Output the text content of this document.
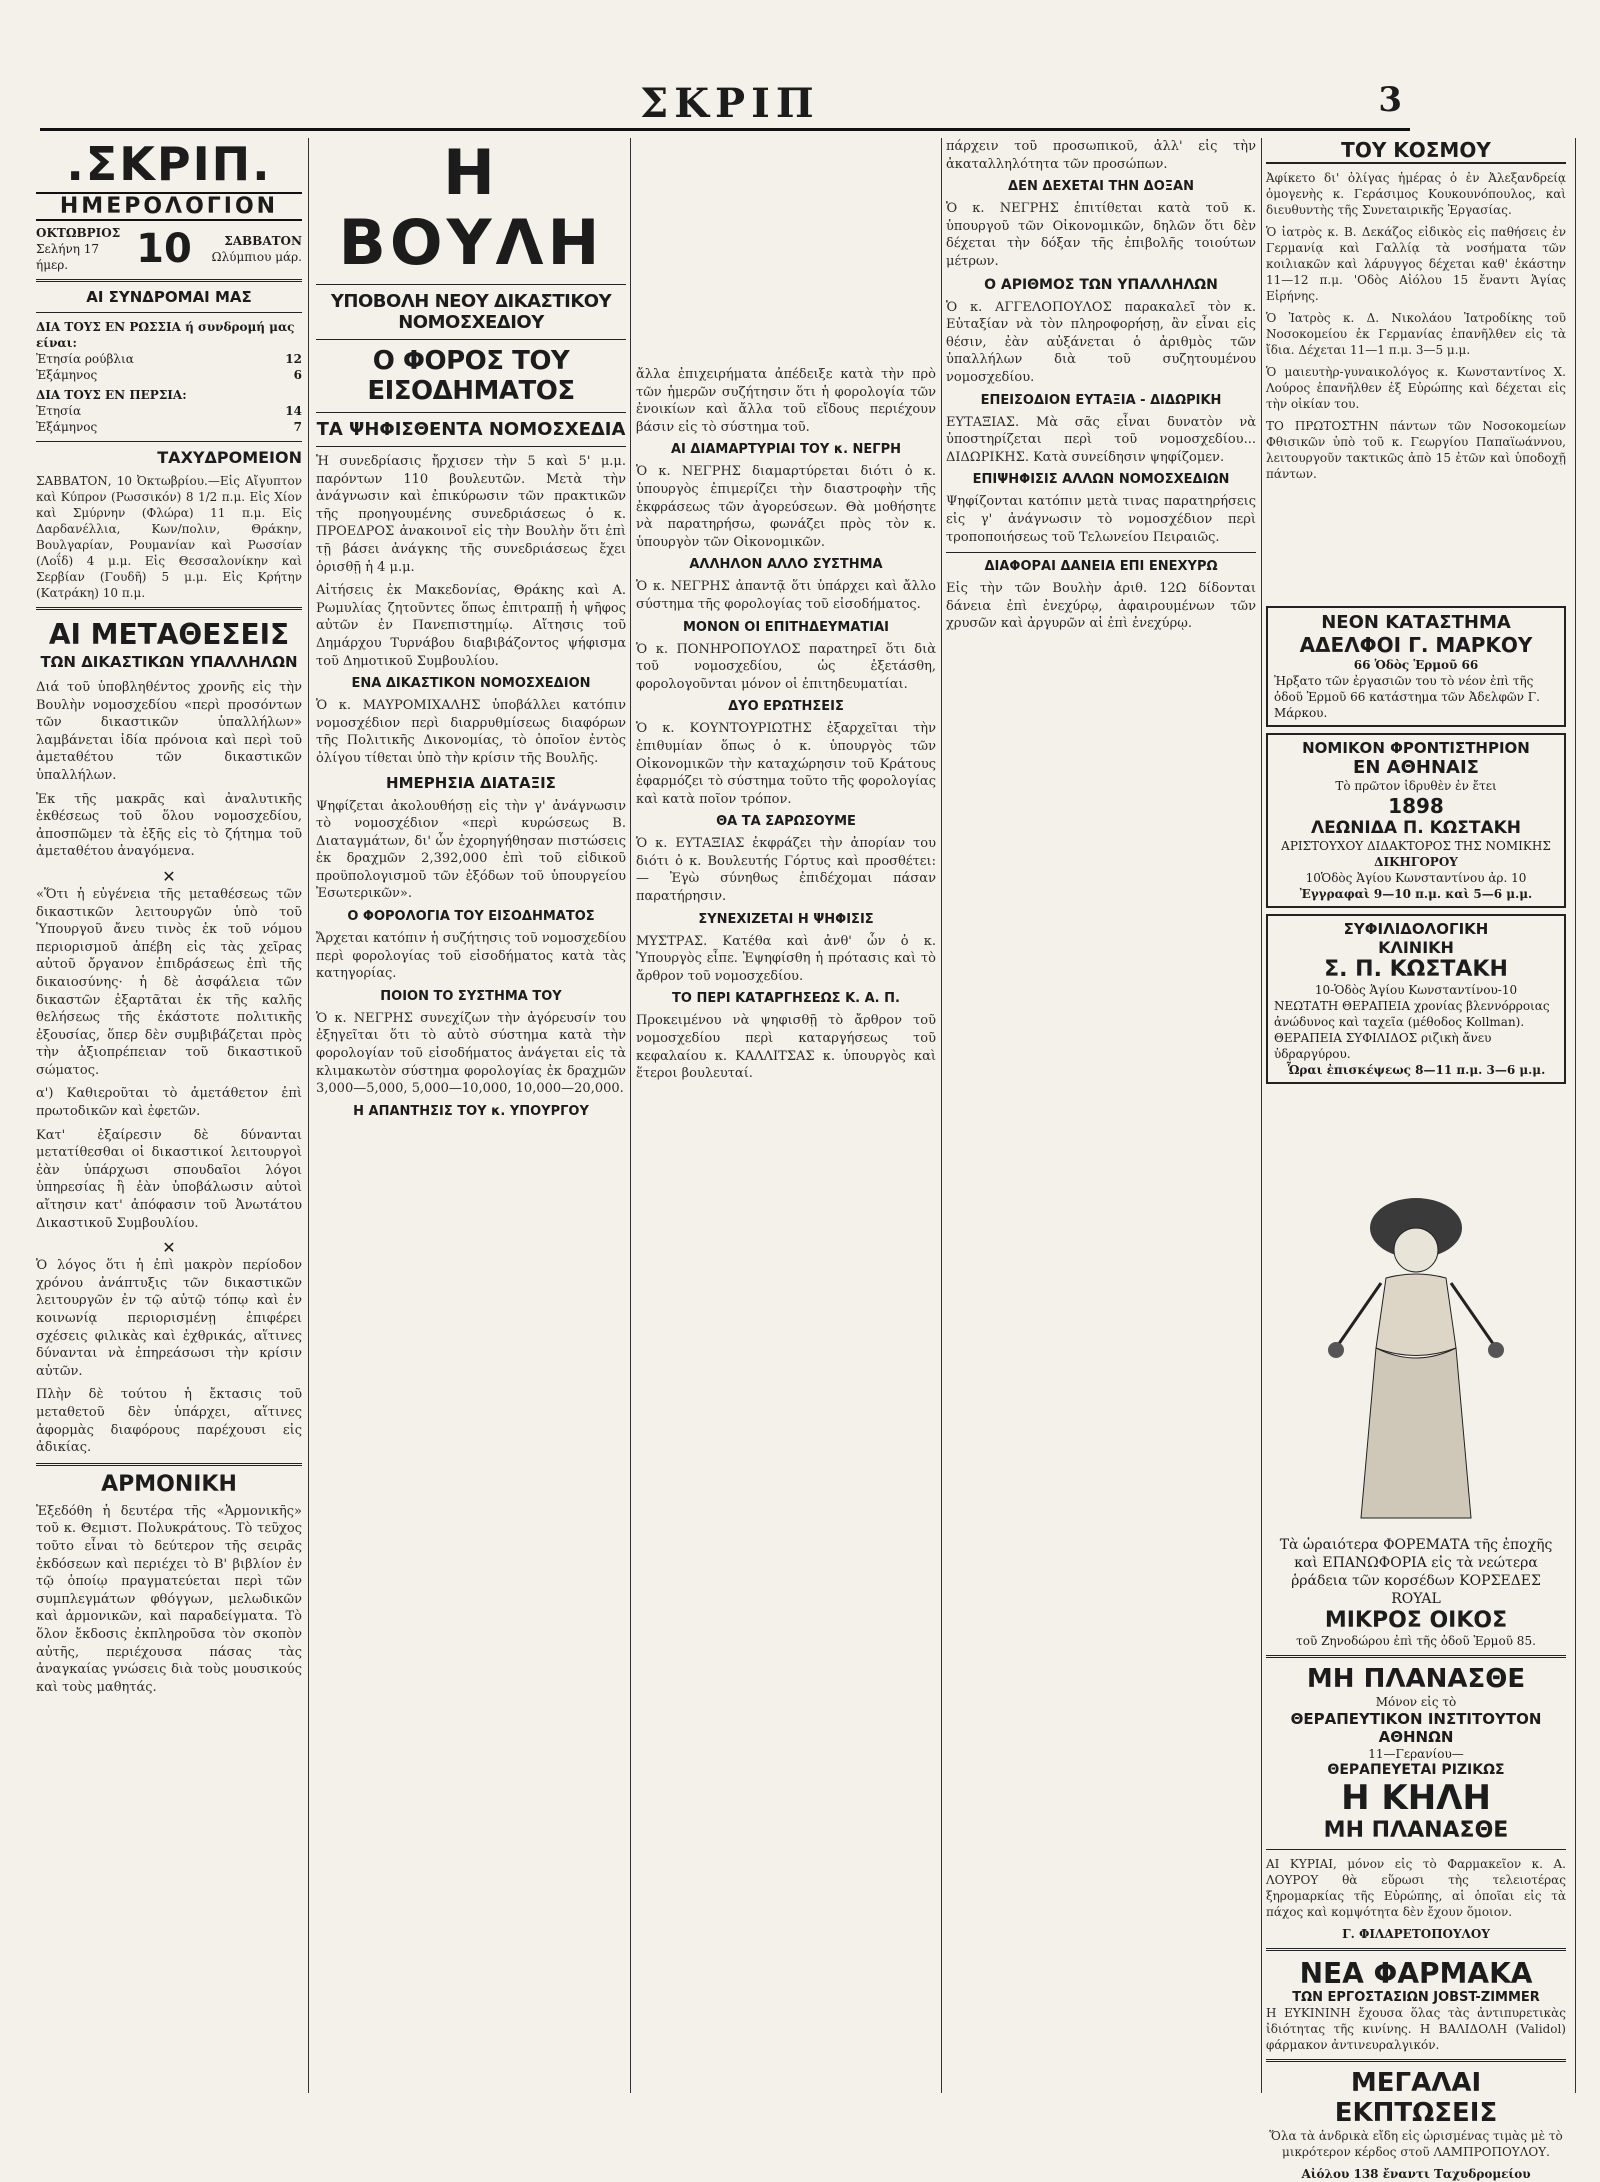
ΣΚΡΙΠ	3
.ΣΚΡΙΠ.
ΗΜΕΡΟΛΟΓΙΟΝ
ΟΚΤΩΒΡΙΟΣ
Σελήνη 17 ήμερ.	10	ΣΑΒΒΑΤΟΝ
Ωλύμπιου μάρ.
ΑΙ ΣΥΝΔΡΟΜΑΙ ΜΑΣ
ΔΙΑ ΤΟΥΣ ΕΝ ΡΩΣΣΙΑ ή συνδρομή μας είναι:
Ἐτησία ρούβλια	12
Ἐξάμηνος	6
ΔΙΑ ΤΟΥΣ ΕΝ ΠΕΡΣΙΑ:
Ἐτησία	14
Ἐξάμηνος	7
ΤΑΧΥΔΡΟΜΕΙΟΝ

ΣΑΒΒΑΤΟΝ, 10 Ὀκτωβρίου.—Εἰς Αἴγυπτον καὶ Κύπρον (Ρωσσικόν) 8 1/2 π.μ. Εἰς Χίον καὶ Σμύρνην (Φλώρα) 11 π.μ. Εἰς Δαρδανέλλια, Κων/πολιν, Θράκην, Βουλγαρίαν, Ρουμανίαν καὶ Ρωσσίαν (Λοΐδ) 4 μ.μ. Εἰς Θεσσαλονίκην καὶ Σερβίαν (Γουδῆ) 5 μ.μ. Εἰς Κρήτην (Κατράκη) 10 π.μ.

ΑΙ ΜΕΤΑΘΕΣΕΙΣ
ΤΩΝ ΔΙΚΑΣΤΙΚΩΝ ΥΠΑΛΛΗΛΩΝ

Διά τοῦ ὑποβληθέντος χρονῆς εἰς τὴν Βουλὴν νομοσχεδίου «περὶ προσόντων τῶν δικαστικῶν ὑπαλλήλων» λαμβάνεται ἰδία πρόνοια καὶ περὶ τοῦ ἀμεταθέτου τῶν δικαστικῶν ὑπαλλήλων.

Ἐκ τῆς μακρᾶς καὶ ἀναλυτικῆς ἐκθέσεως τοῦ ὅλου νομοσχεδίου, ἀποσπῶμεν τὰ ἐξῆς εἰς τὸ ζήτημα τοῦ ἀμεταθέτου ἀναγόμενα.

✕

«Ὅτι ἡ εὐγένεια τῆς μεταθέσεως τῶν δικαστικῶν λειτουργῶν ὑπὸ τοῦ Ὑπουργοῦ ἄνευ τινὸς ἐκ τοῦ νόμου περιορισμοῦ ἀπέβη εἰς τὰς χεῖρας αὐτοῦ ὄργανον ἐπιδράσεως ἐπὶ τῆς δικαιοσύνης· ἡ δὲ ἀσφάλεια τῶν δικαστῶν ἐξαρτᾶται ἐκ τῆς καλῆς θελήσεως τῆς ἑκάστοτε πολιτικῆς ἐξουσίας, ὅπερ δὲν συμβιβάζεται πρὸς τὴν ἀξιοπρέπειαν τοῦ δικαστικοῦ σώματος.

α') Καθιεροῦται τὸ ἀμετάθετον ἐπὶ πρωτοδικῶν καὶ ἐφετῶν.

Κατ' ἐξαίρεσιν δὲ δύνανται μετατίθεσθαι οἱ δικαστικοί λειτουργοὶ ἐὰν ὑπάρχωσι σπουδαῖοι λόγοι ὑπηρεσίας ἢ ἐὰν ὑποβάλωσιν αὐτοὶ αἴτησιν κατ' ἀπόφασιν τοῦ Ἀνωτάτου Δικαστικοῦ Συμβουλίου.

✕

Ὁ λόγος ὅτι ἡ ἐπὶ μακρὸν περίοδον χρόνου ἀνάπτυξις τῶν δικαστικῶν λειτουργῶν ἐν τῷ αὐτῷ τόπῳ καὶ ἐν κοινωνίᾳ περιορισμένῃ ἐπιφέρει σχέσεις φιλικὰς καὶ ἐχθρικάς, αἵτινες δύνανται νὰ ἐπηρεάσωσι τὴν κρίσιν αὐτῶν.

Πλὴν δὲ τούτου ἡ ἔκτασις τοῦ μεταθετοῦ δὲν ὑπάρχει, αἵτινες ἀφορμὰς διαφόρους παρέχουσι εἰς ἀδικίας.

ΑΡΜΟΝΙΚΗ

Ἐξεδόθη ἡ δευτέρα τῆς «Ἁρμονικῆς» τοῦ κ. Θεμιστ. Πολυκράτους. Τὸ τεῦχος τοῦτο εἶναι τὸ δεύτερον τῆς σειρᾶς ἐκδόσεων καὶ περιέχει τὸ Β' βιβλίον ἐν τῷ ὁποίῳ πραγματεύεται περὶ τῶν συμπλεγμάτων φθόγγων, μελωδικῶν καὶ ἁρμονικῶν, καὶ παραδείγματα. Τὸ ὅλον ἔκδοσις ἐκπληροῦσα τὸν σκοπὸν αὐτῆς, περιέχουσα πάσας τὰς ἀναγκαίας γνώσεις διὰ τοὺς μουσικούς καὶ τοὺς μαθητάς.

Η ΒΟΥΛΗ
ΥΠΟΒΟΛΗ ΝΕΟΥ ΔΙΚΑΣΤΙΚΟΥ ΝΟΜΟΣΧΕΔΙΟΥ
Ο ΦΟΡΟΣ ΤΟΥ ΕΙΣΟΔΗΜΑΤΟΣ
ΤΑ ΨΗΦΙΣΘΕΝΤΑ ΝΟΜΟΣΧΕΔΙΑ

Ἡ συνεδρίασις ἤρχισεν τὴν 5 καὶ 5' μ.μ. παρόντων 110 βουλευτῶν. Μετὰ τὴν ἀνάγνωσιν καὶ ἐπικύρωσιν τῶν πρακτικῶν τῆς προηγουμένης συνεδριάσεως ὁ κ. ΠΡΟΕΔΡΟΣ ἀνακοινοῖ εἰς τὴν Βουλὴν ὅτι ἐπὶ τῇ βάσει ἀνάγκης τῆς συνεδριάσεως ἔχει ὁρισθῇ ἡ 4 μ.μ.

Αἰτήσεις ἐκ Μακεδονίας, Θράκης καὶ Α. Ρωμυλίας ζητοῦντες ὅπως ἐπιτραπῇ ἡ ψῆφος αὐτῶν ἐν Πανεπιστημίῳ. Αἴτησις τοῦ Δημάρχου Τυρνάβου διαβιβάζοντος ψήφισμα τοῦ Δημοτικοῦ Συμβουλίου.

ΕΝΑ ΔΙΚΑΣΤΙΚΟΝ ΝΟΜΟΣΧΕΔΙΟΝ

Ὁ κ. ΜΑΥΡΟΜΙΧΑΛΗΣ ὑποβάλλει κατόπιν νομοσχέδιον περὶ διαρρυθμίσεως διαφόρων τῆς Πολιτικῆς Δικονομίας, τὸ ὁποῖον ἐντὸς ὀλίγου τίθεται ὑπὸ τὴν κρίσιν τῆς Βουλῆς.

ΗΜΕΡΗΣΙΑ ΔΙΑΤΑΞΙΣ

Ψηφίζεται ἀκολουθήσῃ εἰς τὴν γ' ἀνάγνωσιν τὸ νομοσχέδιον «περὶ κυρώσεως Β. Διαταγμάτων, δι' ὧν ἐχορηγήθησαν πιστώσεις ἐκ δραχμῶν 2,392,000 ἐπὶ τοῦ εἰδικοῦ προϋπολογισμοῦ τῶν ἐξόδων τοῦ ὑπουργείου Ἐσωτερικῶν».

Ο ΦΟΡΟΛΟΓΙΑ ΤΟΥ ΕΙΣΟΔΗΜΑΤΟΣ

Ἄρχεται κατόπιν ἡ συζήτησις τοῦ νομοσχεδίου περὶ φορολογίας τοῦ εἰσοδήματος κατὰ τὰς κατηγορίας.

ΠΟΙΟΝ ΤΟ ΣΥΣΤΗΜΑ ΤΟΥ

Ὁ κ. ΝΕΓΡΗΣ συνεχίζων τὴν ἀγόρευσίν του ἐξηγεῖται ὅτι τὸ αὐτὸ σύστημα κατὰ τὴν φορολογίαν τοῦ εἰσοδήματος ἀνάγεται εἰς τὰ κλιμακωτὸν σύστημα φορολογίας ἐκ δραχμῶν 3,000—5,000, 5,000—10,000, 10,000—20,000.

Η ΑΠΑΝΤΗΣΙΣ ΤΟΥ κ. ΥΠΟΥΡΓΟΥ

ἄλλα ἐπιχειρήματα ἀπέδειξε κατὰ τὴν πρὸ τῶν ἡμερῶν συζήτησιν ὅτι ἡ φορολογία τῶν ἐνοικίων καὶ ἄλλα τοῦ εἴδους περιέχουν βάσιν εἰς τὸ σύστημα τοῦ.

ΑΙ ΔΙΑΜΑΡΤΥΡΙΑΙ ΤΟΥ κ. ΝΕΓΡΗ

Ὁ κ. ΝΕΓΡΗΣ διαμαρτύρεται διότι ὁ κ. ὑπουργὸς ἐπιμερίζει τὴν διαστροφὴν τῆς ἐκφράσεως τῶν ἀγορεύσεων. Θὰ μοθήσητε νὰ παρατηρήσω, φωνάζει πρὸς τὸν κ. ὑπουργὸν τῶν Οἰκονομικῶν.

ΑΛΛΗΛΟΝ ΑΛΛΟ ΣΥΣΤΗΜΑ

Ὁ κ. ΝΕΓΡΗΣ ἀπαντᾷ ὅτι ὑπάρχει καὶ ἄλλο σύστημα τῆς φορολογίας τοῦ εἰσοδήματος.

ΜΟΝΟΝ ΟΙ ΕΠΙΤΗΔΕΥΜΑΤΙΑΙ

Ὁ κ. ΠΟΝΗΡΟΠΟΥΛΟΣ παρατηρεῖ ὅτι διὰ τοῦ νομοσχεδίου, ὡς ἐξετάσθη, φορολογοῦνται μόνον οἱ ἐπιτηδευματίαι.

ΔΥΟ ΕΡΩΤΗΣΕΙΣ

Ὁ κ. ΚΟΥΝΤΟΥΡΙΩΤΗΣ ἐξαρχεῖται τὴν ἐπιθυμίαν ὅπως ὁ κ. ὑπουργὸς τῶν Οἰκονομικῶν τὴν καταχώρησιν τοῦ Κράτους ἐφαρμόζει τὸ σύστημα τοῦτο τῆς φορολογίας καὶ κατὰ ποῖον τρόπον.

ΘΑ ΤΑ ΣΑΡΩΣΟΥΜΕ

Ὁ κ. ΕΥΤΑΞΙΑΣ ἐκφράζει τὴν ἀπορίαν του διότι ὁ κ. Βουλευτής Γόρτυς καὶ προσθέτει: — Ἐγὼ σύνηθως ἐπιδέχομαι πάσαν παρατήρησιν.

ΣΥΝΕΧΙΖΕΤΑΙ Η ΨΗΦΙΣΙΣ

ΜΥΣΤΡΑΣ. Κατέθα καὶ ἀνθ' ὧν ὁ κ. Ὑπουργὸς εἶπε. Ἐψηφίσθη ἡ πρότασις καὶ τὸ ἄρθρον τοῦ νομοσχεδίου.

ΤΟ ΠΕΡΙ ΚΑΤΑΡΓΗΣΕΩΣ Κ. Α. Π.

Προκειμένου νὰ ψηφισθῇ τὸ ἄρθρον τοῦ νομοσχεδίου περὶ καταργήσεως τοῦ κεφαλαίου κ. ΚΑΛΛΙΤΣΑΣ κ. ὑπουργὸς καὶ ἕτεροι βουλευταί.

πάρχειν τοῦ προσωπικοῦ, ἀλλ' εἰς τὴν ἀκαταλληλότητα τῶν προσώπων.

ΔΕΝ ΔΕΧΕΤΑΙ ΤΗΝ ΔΟΞΑΝ

Ὁ κ. ΝΕΓΡΗΣ ἐπιτίθεται κατὰ τοῦ κ. ὑπουργοῦ τῶν Οἰκονομικῶν, δηλῶν ὅτι δὲν δέχεται τὴν δόξαν τῆς ἐπιβολῆς τοιούτων μέτρων.

Ο ΑΡΙΘΜΟΣ ΤΩΝ ΥΠΑΛΛΗΛΩΝ

Ὁ κ. ΑΓΓΕΛΟΠΟΥΛΟΣ παρακαλεῖ τὸν κ. Εὐταξίαν νὰ τὸν πληροφορήσῃ, ἂν εἶναι εἰς θέσιν, ἐὰν αὐξάνεται ὁ ἀριθμὸς τῶν ὑπαλλήλων διὰ τοῦ συζητουμένου νομοσχεδίου.

ΕΠΕΙΣΟΔΙΟΝ ΕΥΤΑΞΙΑ - ΔΙΔΩΡΙΚΗ

ΕΥΤΑΞΙΑΣ. Μὰ σᾶς εἶναι δυνατὸν νὰ ὑποστηρίζεται περὶ τοῦ νομοσχεδίου... ΔΙΔΩΡΙΚΗΣ. Κατὰ συνείδησιν ψηφίζομεν.

ΕΠΙΨΗΦΙΣΙΣ ΑΛΛΩΝ ΝΟΜΟΣΧΕΔΙΩΝ

Ψηφίζονται κατόπιν μετὰ τινας παρατηρήσεις εἰς γ' ἀνάγνωσιν τὸ νομοσχέδιον περὶ τροποποιήσεως τοῦ Τελωνείου Πειραιῶς.

ΔΙΑΦΟΡΑΙ ΔΑΝΕΙΑ ΕΠΙ ΕΝΕΧΥΡΩ

Εἰς τὴν τῶν Βουλὴν ἀριθ. 12Ω δίδονται δάνεια ἐπὶ ἐνεχύρῳ, ἀφαιρουμένων τῶν χρυσῶν καὶ ἀργυρῶν αἱ ἐπὶ ἐνεχύρῳ.

ΤΟΥ ΚΟΣΜΟΥ

Ἀφίκετο δι' ὀλίγας ἡμέρας ὁ ἐν Ἀλεξανδρείᾳ ὁμογενὴς κ. Γεράσιμος Κουκουνόπουλος, καὶ διευθυντὴς τῆς Συνεταιρικῆς Ἐργασίας.

Ὁ ἰατρὸς κ. Β. Δεκάζος εἰδικὸς εἰς παθήσεις ἐν Γερμανίᾳ καὶ Γαλλίᾳ τὰ νοσήματα τῶν κοιλιακῶν καὶ λάρυγγος δέχεται καθ' ἑκάστην 11—12 π.μ. 'Οδὸς Αἰόλου 15 ἔναντι Ἁγίας Εἰρήνης.

Ὁ Ἰατρὸς κ. Δ. Νικολάου Ἰατροδίκης τοῦ Νοσοκομείου ἐκ Γερμανίας ἐπανῆλθεν εἰς τὰ ἴδια. Δέχεται 11—1 π.μ. 3—5 μ.μ.

Ὁ μαιευτὴρ-γυναικολόγος κ. Κωνσταντίνος Χ. Λούρος ἐπανῆλθεν ἐξ Εὐρώπης καὶ δέχεται εἰς τὴν οἰκίαν του.

ΤΟ ΠΡΩΤΟΣΤΗΝ πάντων τῶν Νοσοκομείων Φθισικῶν ὑπὸ τοῦ κ. Γεωργίου Παπαϊωάννου, λειτουργοῦν τακτικῶς ἀπὸ 15 ἐτῶν καὶ ὑποδοχῇ πάντων.

ΝΕΟΝ ΚΑΤΑΣΤΗΜΑ
ΑΔΕΛΦΟΙ Γ. ΜΑΡΚΟΥ
66 Ὁδὸς Ἑρμοῦ 66
Ἠρξατο τῶν ἐργασιῶν του τὸ νέον ἐπὶ τῆς ὁδοῦ Ἑρμοῦ 66 κατάστημα τῶν Ἀδελφῶν Γ. Μάρκου.
ΝΟΜΙΚΟΝ ΦΡΟΝΤΙΣΤΗΡΙΟΝ
ΕΝ ΑΘΗΝΑΙΣ
Τὸ πρῶτον ἱδρυθὲν ἐν ἔτει
1898
ΛΕΩΝΙΔΑ Π. ΚΩΣΤΑΚΗ
ΑΡΙΣΤΟΥΧΟΥ ΔΙΔΑΚΤΟΡΟΣ ΤΗΣ ΝΟΜΙΚΗΣ
ΔΙΚΗΓΟΡΟΥ
10Ὁδὸς Ἁγίου Κωνσταντίνου ἀρ. 10
Ἐγγραφαὶ 9—10 π.μ. καὶ 5—6 μ.μ.
ΣΥΦΙΛΙΔΟΛΟΓΙΚΗ
ΚΛΙΝΙΚΗ
Σ. Π. ΚΩΣΤΑΚΗ
10-Ὁδὸς Ἁγίου Κωνσταντίνου-10
ΝΕΩΤΑΤΗ ΘΕΡΑΠΕΙΑ χρονίας βλεννόρροιας ἀνώδυνος καὶ ταχεῖα (μέθοδος Kollman). ΘΕΡΑΠΕΙΑ ΣΥΦΙΛΙΔΟΣ ριζικὴ ἄνευ ὑδραργύρου.
Ὧραι ἐπισκέψεως 8—11 π.μ. 3—6 μ.μ.
Τὰ ὡραιότερα ΦΟΡΕΜΑΤΑ τῆς ἐποχῆς καὶ ΕΠΑΝΩΦΟΡΙΑ εἰς τὰ νεώτερα ῥράδεια τῶν κορσέδων ΚΟΡΣΕΔΕΣ ROYAL
ΜΙΚΡΟΣ ΟΙΚΟΣ
τοῦ Ζηνοδώρου ἐπὶ τῆς ὁδοῦ Ἑρμοῦ 85.
ΜΗ ΠΛΑΝΑΣΘΕ
Μόνον εἰς τὸ
ΘΕΡΑΠΕΥΤΙΚΟΝ ΙΝΣΤΙΤΟΥΤΟΝ ΑΘΗΝΩΝ
11—Γερανίου—
ΘΕΡΑΠΕΥΕΤΑΙ ΡΙΖΙΚΩΣ
Η ΚΗΛΗ
ΜΗ ΠΛΑΝΑΣΘΕ

ΑΙ ΚΥΡΙΑΙ, μόνον εἰς τὸ Φαρμακεῖον κ. Α. ΛΟΥΡΟΥ θὰ εὕρωσι τὴς τελειοτέρας ξηρομαρκίας τῆς Εὐρώπης, αἱ ὁποῖαι εἰς τὰ πάχος καὶ κομψότητα δὲν ἔχουν ὅμοιον.

Γ. ΦΙΛΑΡΕΤΟΠΟΥΛΟΥ
ΝΕΑ ΦΑΡΜΑΚΑ
ΤΩΝ ΕΡΓΟΣΤΑΣΙΩΝ JOBST-ZIMMER

Η ΕΥΚΙΝΙΝΗ ἔχουσα ὅλας τὰς ἀντιπυρετικὰς ἰδιότητας τῆς κινίνης. Η ΒΑΛΙΔΟΛΗ (Validol) φάρμακον ἀντινευραλγικόν.

ΜΕΓΑΛΑΙ ΕΚΠΤΩΣΕΙΣ

Ὅλα τὰ ἀνδρικὰ εἴδη εἰς ὡρισμένας τιμὰς μὲ τὸ μικρότερον κέρδος στοῦ ΛΑΜΠΡΟΠΟΥΛΟΥ.

Αἰόλου 138 ἔναντι Ταχυδρομείου
